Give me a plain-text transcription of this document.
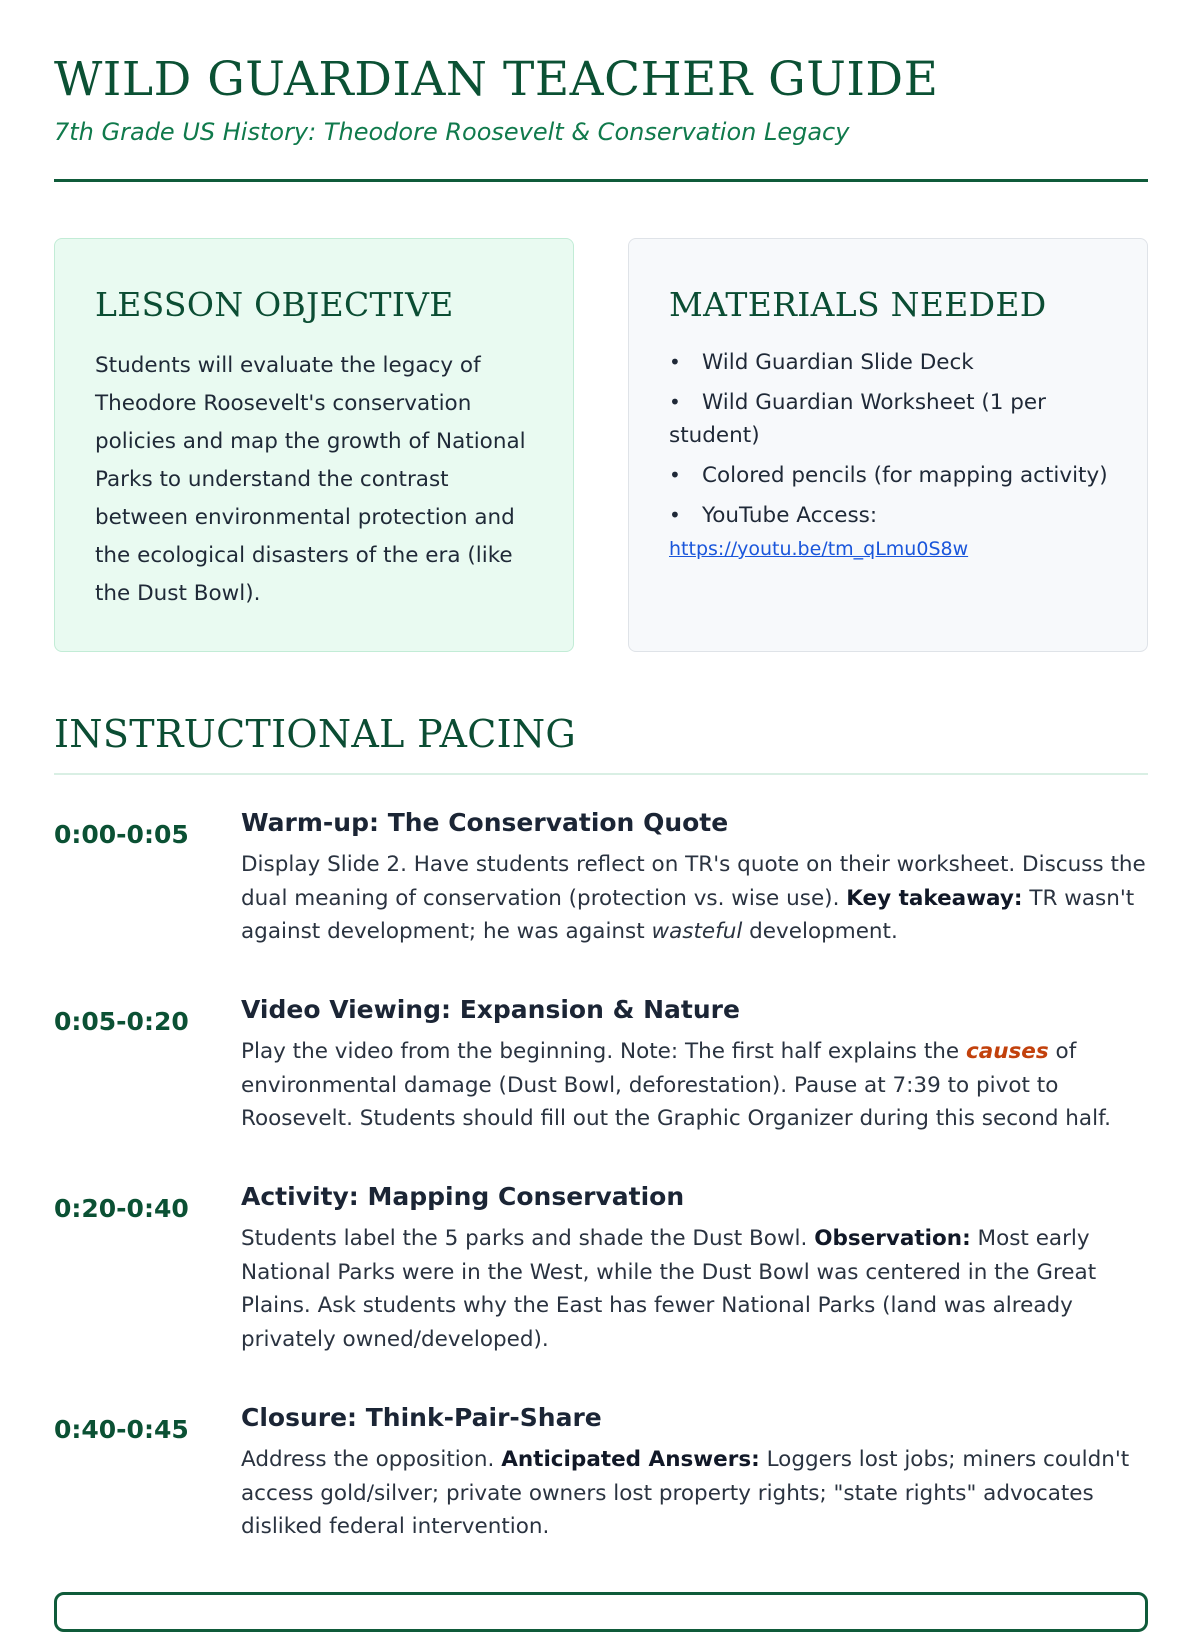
WILD GUARDIAN TEACHER GUIDE

7th Grade US History: Theodore Roosevelt & Conservation Legacy

LESSON OBJECTIVE

Students will evaluate the legacy of Theodore Roosevelt's conservation policies and map the growth of National Parks to understand the contrast between environmental protection and the ecological disasters of the era (like the Dust Bowl).

MATERIALS NEEDED
• Wild Guardian Slide Deck
• Wild Guardian Worksheet (1 per student)
• Colored pencils (for mapping activity)
• YouTube Access:
https://youtu.be/tm_qLmu0S8w
INSTRUCTIONAL PACING

0:00-0:05 Warm-up: The Conservation Quote

Display Slide 2. Have students reflect on TR's quote on their worksheet. Discuss the dual meaning of conservation (protection vs. wise use). Key takeaway: TR wasn't against development; he was against wasteful development.

0:05-0:20 Video Viewing: Expansion & Nature

Play the video from the beginning. Note: The first half explains the causes of environmental damage (Dust Bowl, deforestation). Pause at 7:39 to pivot to Roosevelt. Students should fill out the Graphic Organizer during this second half.

0:20-0:40 Activity: Mapping Conservation

Students label the 5 parks and shade the Dust Bowl. Observation: Most early National Parks were in the West, while the Dust Bowl was centered in the Great Plains. Ask students why the East has fewer National Parks (land was already privately owned/developed).

0:40-0:45 Closure: Think-Pair-Share

Address the opposition. Anticipated Answers: Loggers lost jobs; miners couldn't access gold/silver; private owners lost property rights; "state rights" advocates disliked federal intervention.
